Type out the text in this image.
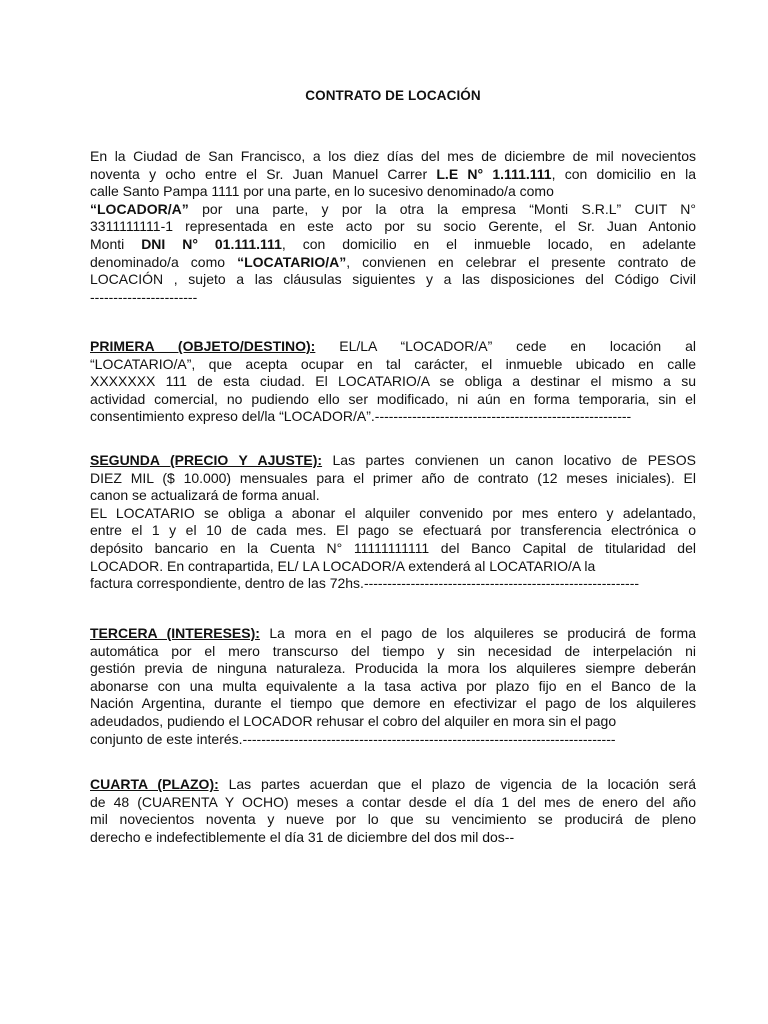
CONTRATO DE LOCACIÓN
En la Ciudad de San Francisco, a los diez días del mes de diciembre de mil novecientos
noventa y ocho entre el Sr. Juan Manuel Carrer L.E N° 1.111.111, con domicilio en la
calle Santo Pampa 1111 por una parte, en lo sucesivo denominado/a como
“LOCADOR/A” por una parte, y por la otra la empresa “Monti S.R.L” CUIT N°
3311111111-1 representada en este acto por su socio Gerente, el Sr. Juan Antonio
Monti DNI N° 01.111.111, con domicilio en el inmueble locado, en adelante
denominado/a como “LOCATARIO/A”, convienen en celebrar el presente contrato de
LOCACIÓN , sujeto a las cláusulas siguientes y a las disposiciones del Código Civil
-----------------------
PRIMERA (OBJETO/DESTINO): EL/LA “LOCADOR/A” cede en locación al
“LOCATARIO/A”, que acepta ocupar en tal carácter, el inmueble ubicado en calle
XXXXXXX 111 de esta ciudad. El LOCATARIO/A se obliga a destinar el mismo a su
actividad comercial, no pudiendo ello ser modificado, ni aún en forma temporaria, sin el
consentimiento expreso del/la “LOCADOR/A”.-------------------------------------------------------
SEGUNDA (PRECIO Y AJUSTE): Las partes convienen un canon locativo de PESOS
DIEZ MIL ($ 10.000) mensuales para el primer año de contrato (12 meses iniciales). El
canon se actualizará de forma anual.
EL LOCATARIO se obliga a abonar el alquiler convenido por mes entero y adelantado,
entre el 1 y el 10 de cada mes. El pago se efectuará por transferencia electrónica o
depósito bancario en la Cuenta N° 11111111111 del Banco Capital de titularidad del
LOCADOR. En contrapartida, EL/ LA LOCADOR/A extenderá al LOCATARIO/A la
factura correspondiente, dentro de las 72hs.-----------------------------------------------------------
TERCERA (INTERESES): La mora en el pago de los alquileres se producirá de forma
automática por el mero transcurso del tiempo y sin necesidad de interpelación ni
gestión previa de ninguna naturaleza. Producida la mora los alquileres siempre deberán
abonarse con una multa equivalente a la tasa activa por plazo fijo en el Banco de la
Nación Argentina, durante el tiempo que demore en efectivizar el pago de los alquileres
adeudados, pudiendo el LOCADOR rehusar el cobro del alquiler en mora sin el pago
conjunto de este interés.--------------------------------------------------------------------------------
CUARTA (PLAZO): Las partes acuerdan que el plazo de vigencia de la locación será
de 48 (CUARENTA Y OCHO) meses a contar desde el día 1 del mes de enero del año
mil novecientos noventa y nueve por lo que su vencimiento se producirá de pleno
derecho e indefectiblemente el día 31 de diciembre del dos mil dos--
